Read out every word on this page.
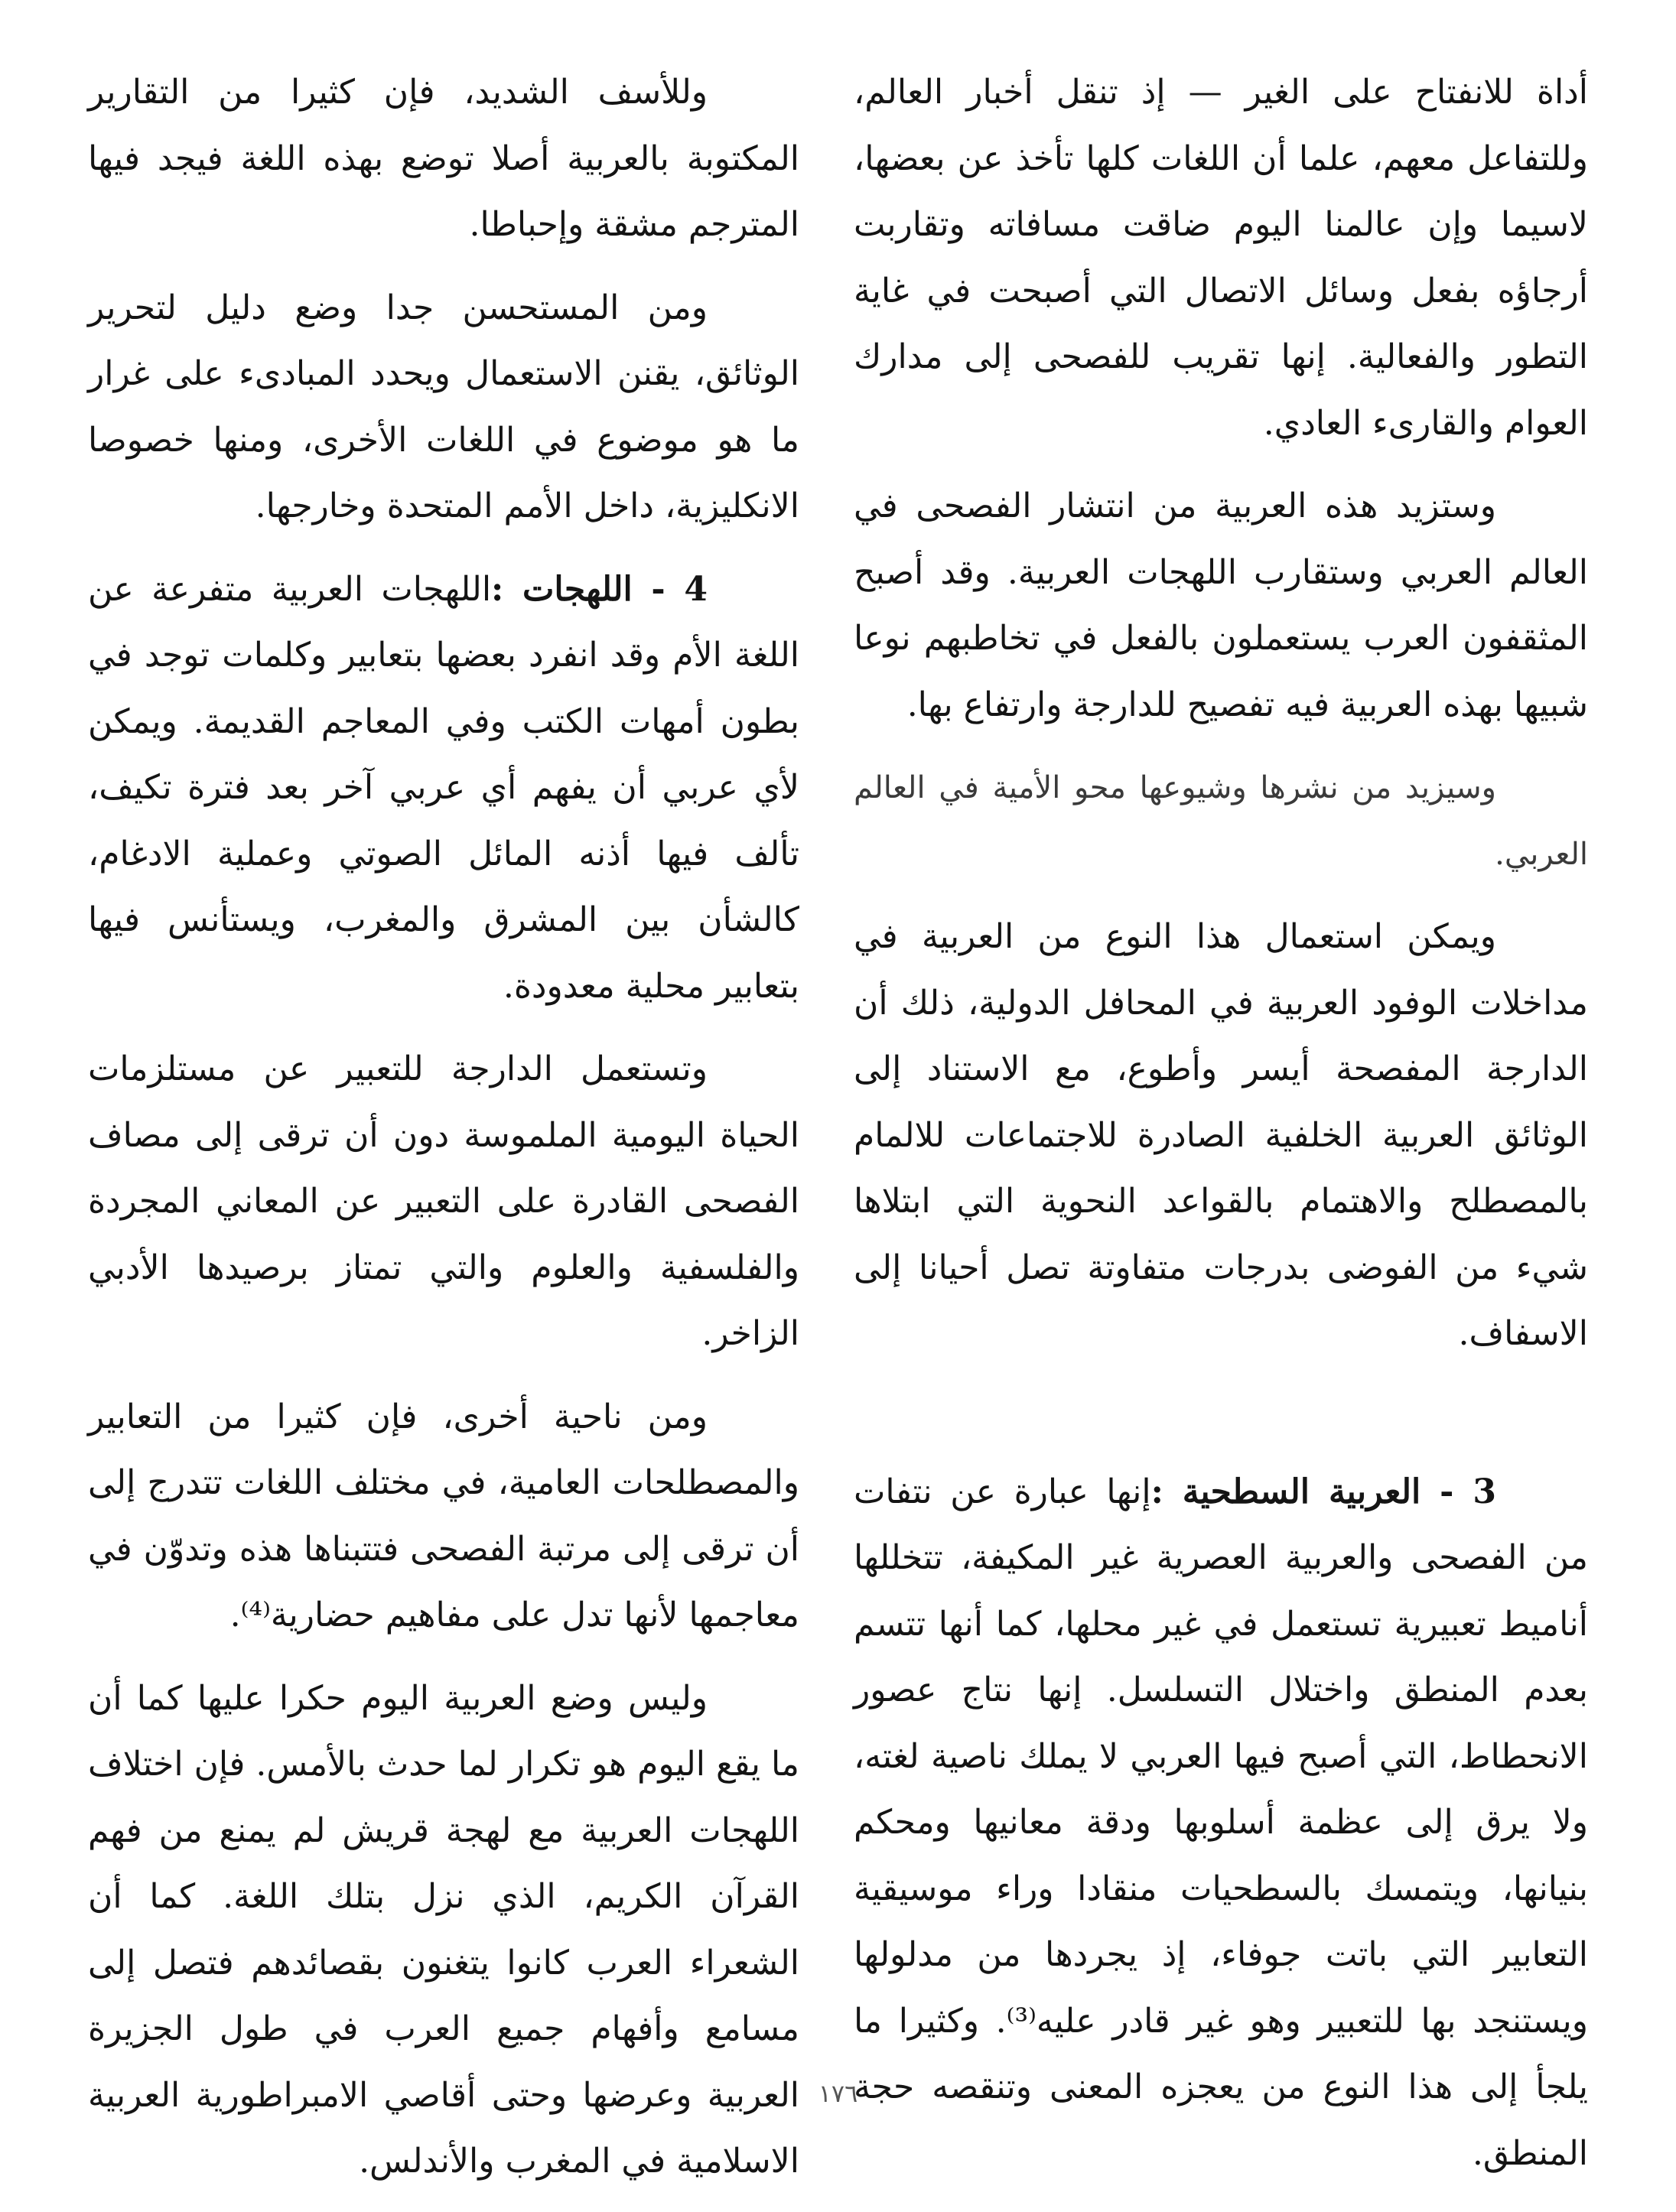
أداة للانفتاح على الغير — إذ تنقل أخبار العالم، وللتفاعل معهم، علما أن اللغات كلها تأخذ عن بعضها، لاسيما وإن عالمنا اليوم ضاقت مسافاته وتقاربت أرجاؤه بفعل وسائل الاتصال التي أصبحت في غاية التطور والفعالية. إنها تقريب للفصحى إلى مدارك العوام والقارىء العادي.

وستزيد هذه العربية من انتشار الفصحى في العالم العربي وستقارب اللهجات العربية. وقد أصبح المثقفون العرب يستعملون بالفعل في تخاطبهم نوعا شبيها بهذه العربية فيه تفصيح للدارجة وارتفاع بها.

وسيزيد من نشرها وشيوعها محو الأمية في العالم العربي.

ويمكن استعمال هذا النوع من العربية في مداخلات الوفود العربية في المحافل الدولية، ذلك أن الدارجة المفصحة أيسر وأطوع، مع الاستناد إلى الوثائق العربية الخلفية الصادرة للاجتماعات للالمام بالمصطلح والاهتمام بالقواعد النحوية التي ابتلاها شيء من الفوضى بدرجات متفاوتة تصل أحيانا إلى الاسفاف.

3 - العربية السطحية :إنها عبارة عن نتفات من الفصحى والعربية العصرية غير المكيفة، تتخللها أناميط تعبيرية تستعمل في غير محلها، كما أنها تتسم بعدم المنطق واختلال التسلسل. إنها نتاج عصور الانحطاط، التي أصبح فيها العربي لا يملك ناصية لغته، ولا يرق إلى عظمة أسلوبها ودقة معانيها ومحكم بنيانها، ويتمسك بالسطحيات منقادا وراء موسيقية التعابير التي باتت جوفاء، إذ يجردها من مدلولها ويستنجد بها للتعبير وهو غير قادر عليه⁽³⁾. وكثيرا ما يلجأ إلى هذا النوع من يعجزه المعنى وتنقصه حجة المنطق.

وللأسف الشديد، فإن كثيرا من التقارير المكتوبة بالعربية أصلا توضع بهذه اللغة فيجد فيها المترجم مشقة وإحباطا.

ومن المستحسن جدا وضع دليل لتحرير الوثائق، يقنن الاستعمال ويحدد المبادىء على غرار ما هو موضوع في اللغات الأخرى، ومنها خصوصا الانكليزية، داخل الأمم المتحدة وخارجها.

4 - اللهجات :اللهجات العربية متفرعة عن اللغة الأم وقد انفرد بعضها بتعابير وكلمات توجد في بطون أمهات الكتب وفي المعاجم القديمة. ويمكن لأي عربي أن يفهم أي عربي آخر بعد فترة تكيف، تألف فيها أذنه المائل الصوتي وعملية الادغام، كالشأن بين المشرق والمغرب، ويستأنس فيها بتعابير محلية معدودة.

وتستعمل الدارجة للتعبير عن مستلزمات الحياة اليومية الملموسة دون أن ترقى إلى مصاف الفصحى القادرة على التعبير عن المعاني المجردة والفلسفية والعلوم والتي تمتاز برصيدها الأدبي الزاخر.

ومن ناحية أخرى، فإن كثيرا من التعابير والمصطلحات العامية، في مختلف اللغات تتدرج إلى أن ترقى إلى مرتبة الفصحى فتتبناها هذه وتدوّن في معاجمها لأنها تدل على مفاهيم حضارية⁽⁴⁾.

وليس وضع العربية اليوم حكرا عليها كما أن ما يقع اليوم هو تكرار لما حدث بالأمس. فإن اختلاف اللهجات العربية مع لهجة قريش لم يمنع من فهم القرآن الكريم، الذي نزل بتلك اللغة. كما أن الشعراء العرب كانوا يتغنون بقصائدهم فتصل إلى مسامع وأفهام جميع العرب في طول الجزيرة العربية وعرضها وحتى أقاصي الامبراطورية العربية الاسلامية في المغرب والأندلس.

١٧٦
